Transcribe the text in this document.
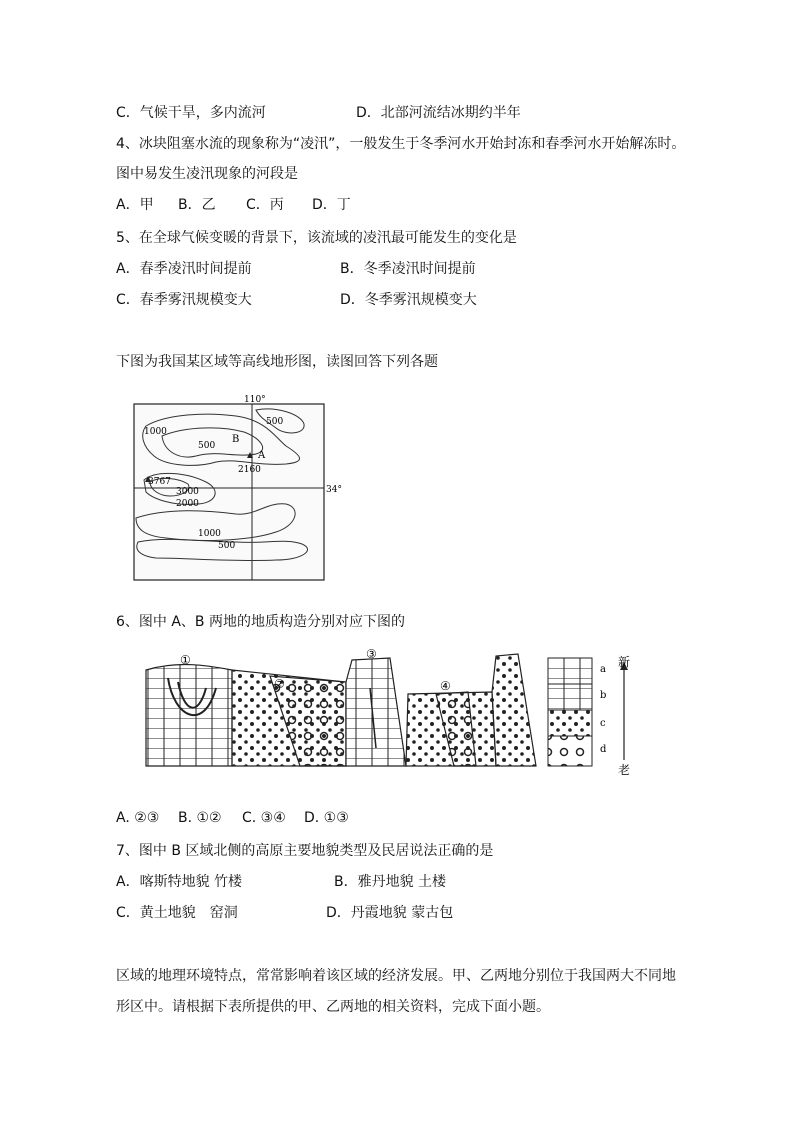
C．气候干旱，多内流河	D．北部河流结冰期约半年
4、冰块阻塞水流的现象称为“凌汛”，一般发生于冬季河水开始封冻和春季河水开始解冻时。
图中易发生凌汛现象的河段是
A．甲 B．乙 C．丙 D．丁
5、在全球气候变暖的背景下，该流域的凌汛最可能发生的变化是
A．春季凌汛时间提前	B．冬季凌汛时间提前
C．春季雾汛规模变大	D．冬季雾汛规模变大
下图为我国某区域等高线地形图，读图回答下列各题
110°
34°
500
1000
500
B
A
2160
3767
3000
2000
1000
500
6、图中 A、B 两地的地质构造分别对应下图的
①
②
③
④
a
b
c
d
新
老
A. ②③ B. ①② C. ③④ D. ①③
7、图中 B 区域北侧的高原主要地貌类型及民居说法正确的是
A．喀斯特地貌 竹楼	B．雅丹地貌 土楼
C．黄土地貌　窑洞	D．丹霞地貌 蒙古包
区域的地理环境特点，常常影响着该区域的经济发展。甲、乙两地分别位于我国两大不同地
形区中。请根据下表所提供的甲、乙两地的相关资料，完成下面小题。
